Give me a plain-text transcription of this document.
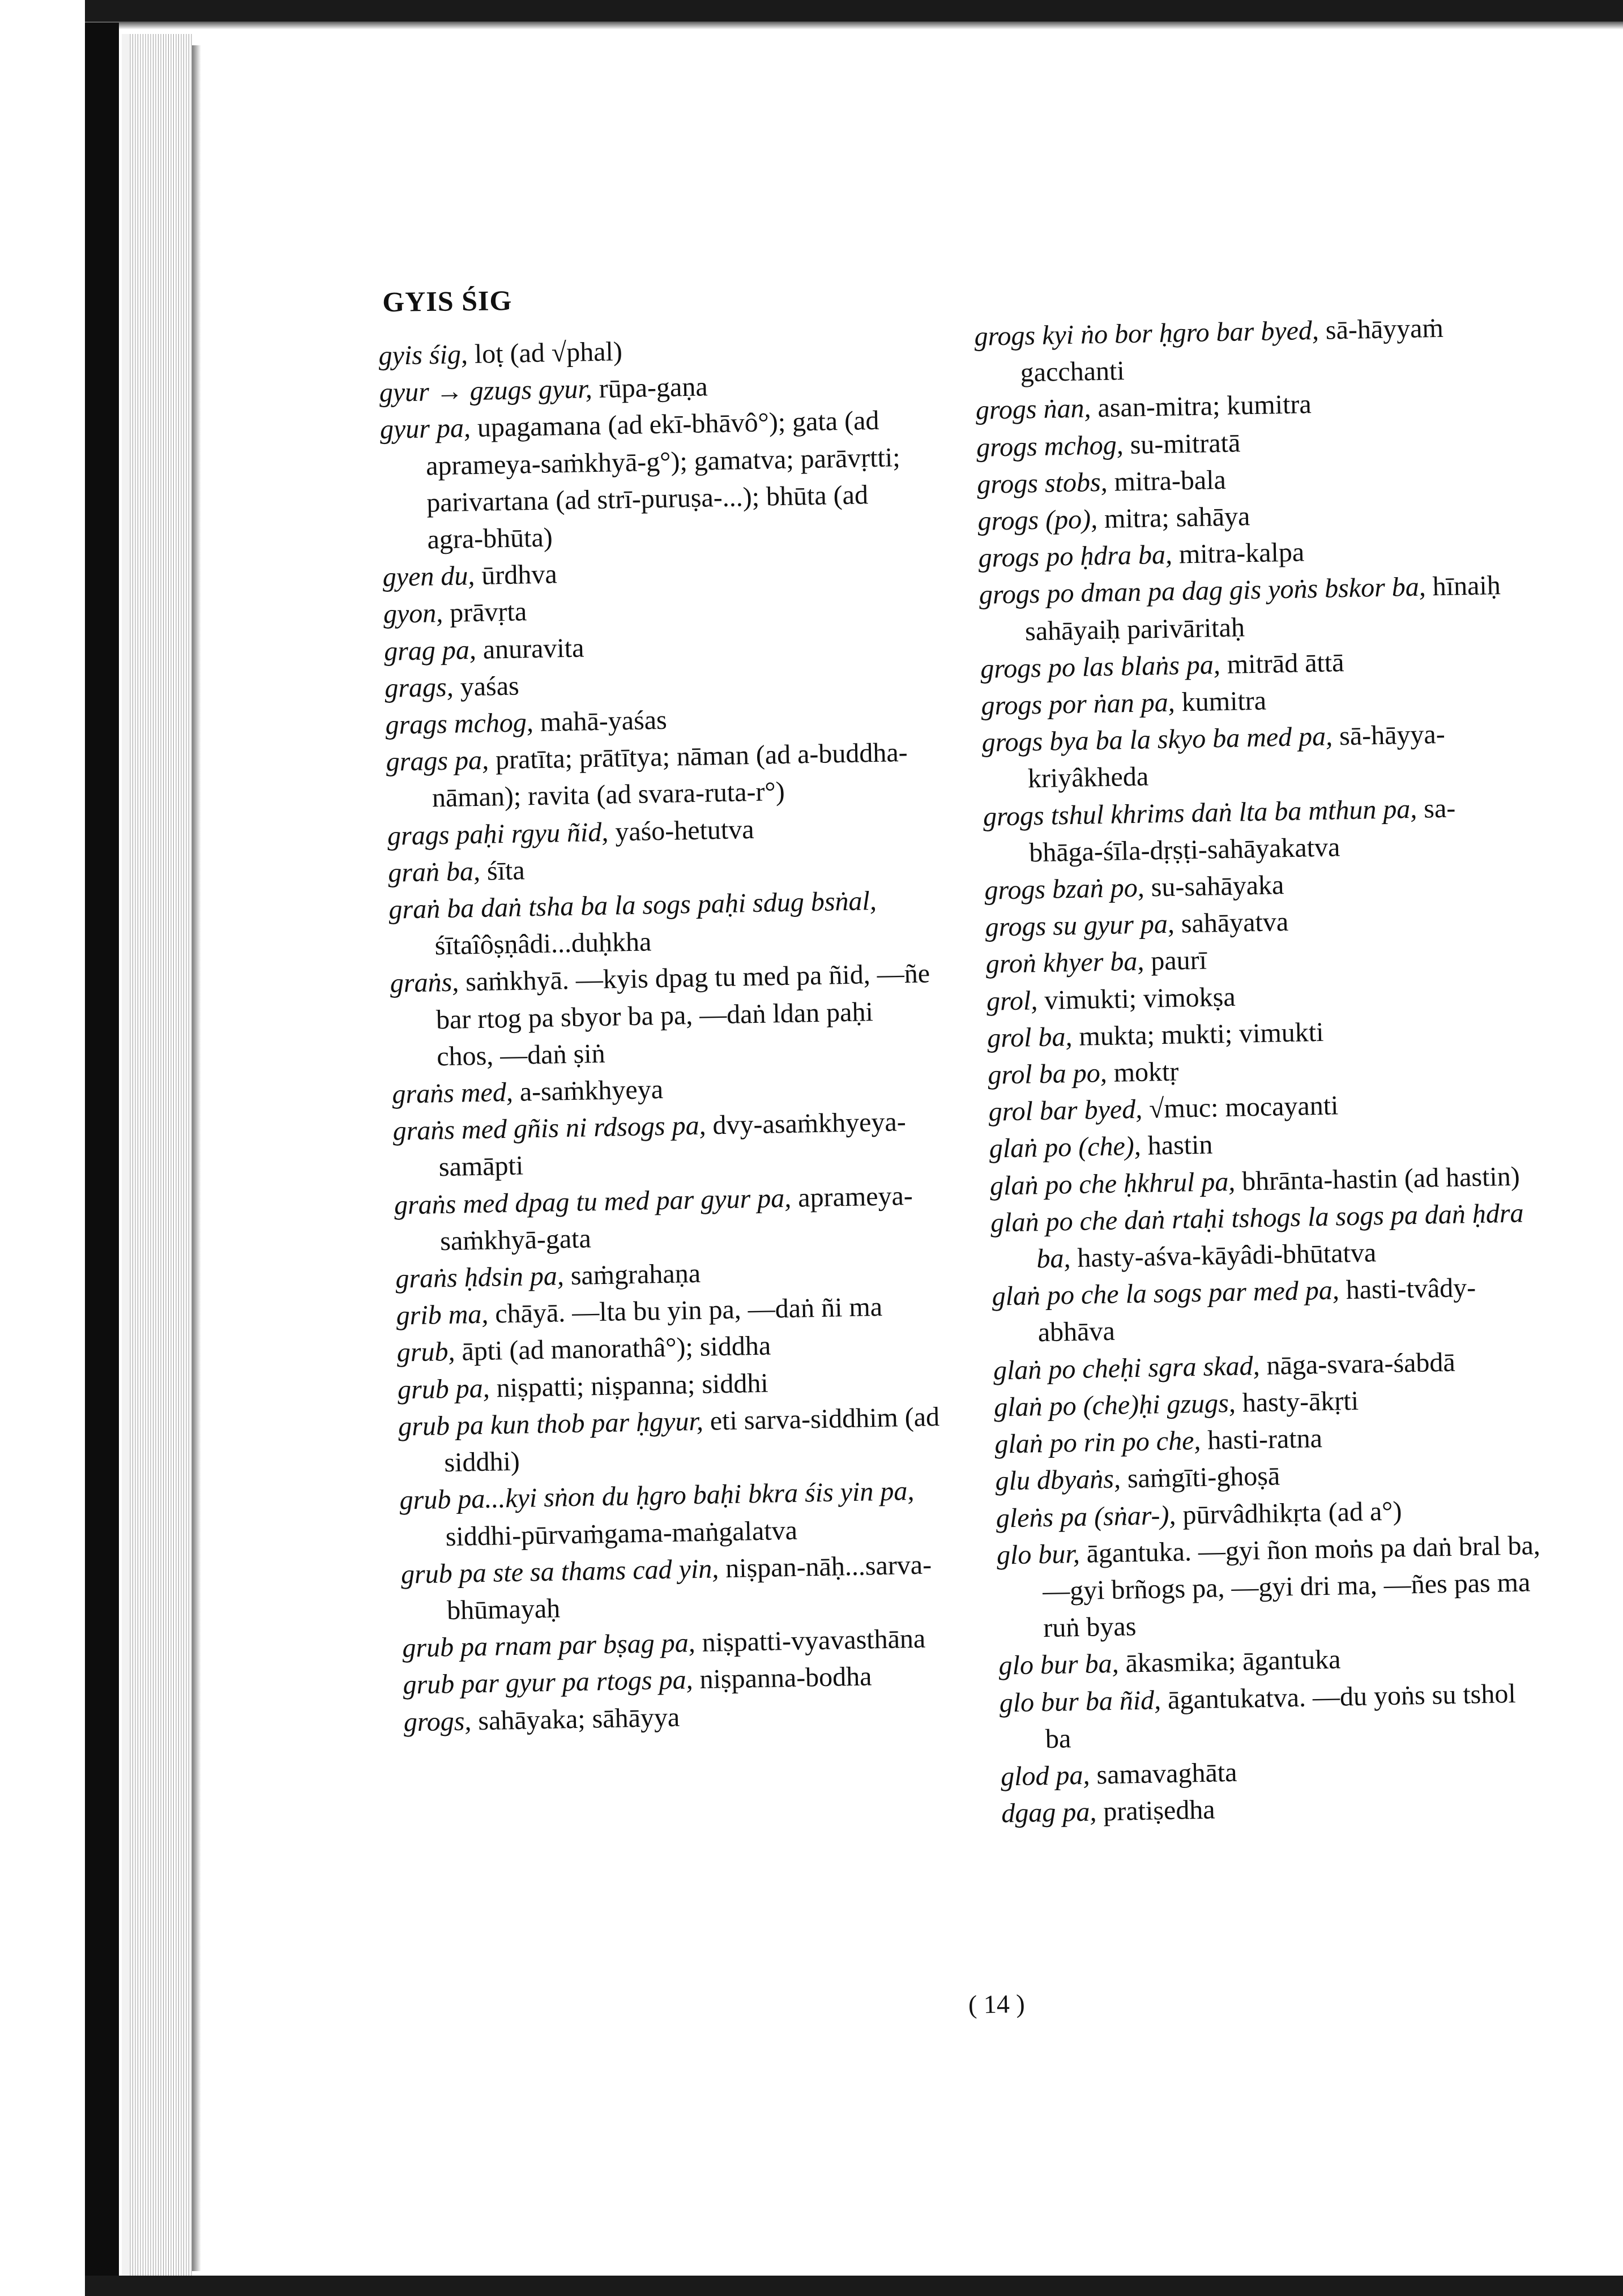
GYIS ŚIG
gyis śig, loṭ (ad √phal)
gyur → gzugs gyur, rūpa-gaṇa
gyur pa, upagamana (ad ekī-bhāvô°); gata (ad aprameya-saṁkhyā-g°); gamatva; parāvṛtti; parivartana (ad strī-puruṣa-...); bhūta (ad agra-bhūta)
gyen du, ūrdhva
gyon, prāvṛta
grag pa, anuravita
grags, yaśas
grags mchog, mahā-yaśas
grags pa, pratīta; prātītya; nāman (ad a-buddha-nāman); ravita (ad svara-ruta-r°)
grags paḥi rgyu ñid, yaśo-hetutva
graṅ ba, śīta
graṅ ba daṅ tsha ba la sogs paḥi sdug bsṅal, śītaîôṣṇâdi...duḥkha
graṅs, saṁkhyā. —kyis dpag tu med pa ñid, —ñe bar rtog pa sbyor ba pa, —daṅ ldan paḥi chos, —daṅ ṣiṅ
graṅs med, a-saṁkhyeya
graṅs med gñis ni rdsogs pa, dvy-asaṁkhyeya-samāpti
graṅs med dpag tu med par gyur pa, aprameya-saṁkhyā-gata
graṅs ḥdsin pa, saṁgrahaṇa
grib ma, chāyā. —lta bu yin pa, —daṅ ñi ma
grub, āpti (ad manorathâ°); siddha
grub pa, niṣpatti; niṣpanna; siddhi
grub pa kun thob par ḥgyur, eti sarva-siddhim (ad siddhi)
grub pa...kyi sṅon du ḥgro baḥi bkra śis yin pa, siddhi-pūrvaṁgama-maṅgalatva
grub pa ste sa thams cad yin, niṣpan-nāḥ...sarva-bhūmayaḥ
grub pa rnam par bṣag pa, niṣpatti-vyavasthāna
grub par gyur pa rtogs pa, niṣpanna-bodha
grogs, sahāyaka; sāhāyya
grogs kyi ṅo bor ḥgro bar byed, sā-hāyyaṁ gacchanti
grogs ṅan, asan-mitra; kumitra
grogs mchog, su-mitratā
grogs stobs, mitra-bala
grogs (po), mitra; sahāya
grogs po ḥdra ba, mitra-kalpa
grogs po dman pa dag gis yoṅs bskor ba, hīnaiḥ sahāyaiḥ parivāritaḥ
grogs po las blaṅs pa, mitrād āttā
grogs por ṅan pa, kumitra
grogs bya ba la skyo ba med pa, sā-hāyya-kriyâkheda
grogs tshul khrims daṅ lta ba mthun pa, sa-bhāga-śīla-dṛṣṭi-sahāyakatva
grogs bzaṅ po, su-sahāyaka
grogs su gyur pa, sahāyatva
groṅ khyer ba, paurī
grol, vimukti; vimokṣa
grol ba, mukta; mukti; vimukti
grol ba po, moktṛ
grol bar byed, √muc: mocayanti
glaṅ po (che), hastin
glaṅ po che ḥkhrul pa, bhrānta-hastin (ad hastin)
glaṅ po che daṅ rtaḥi tshogs la sogs pa daṅ ḥdra ba, hasty-aśva-kāyâdi-bhūtatva
glaṅ po che la sogs par med pa, hasti-tvâdy-abhāva
glaṅ po cheḥi sgra skad, nāga-svara-śabdā
glaṅ po (che)ḥi gzugs, hasty-ākṛti
glaṅ po rin po che, hasti-ratna
glu dbyaṅs, saṁgīti-ghoṣā
gleṅs pa (sṅar-), pūrvâdhikṛta (ad a°)
glo bur, āgantuka. —gyi ñon moṅs pa daṅ bral ba, —gyi brñogs pa, —gyi dri ma, —ñes pas ma ruṅ byas
glo bur ba, ākasmika; āgantuka
glo bur ba ñid, āgantukatva. —du yoṅs su tshol ba
glod pa, samavaghāta
dgag pa, pratiṣedha
( 14 )
